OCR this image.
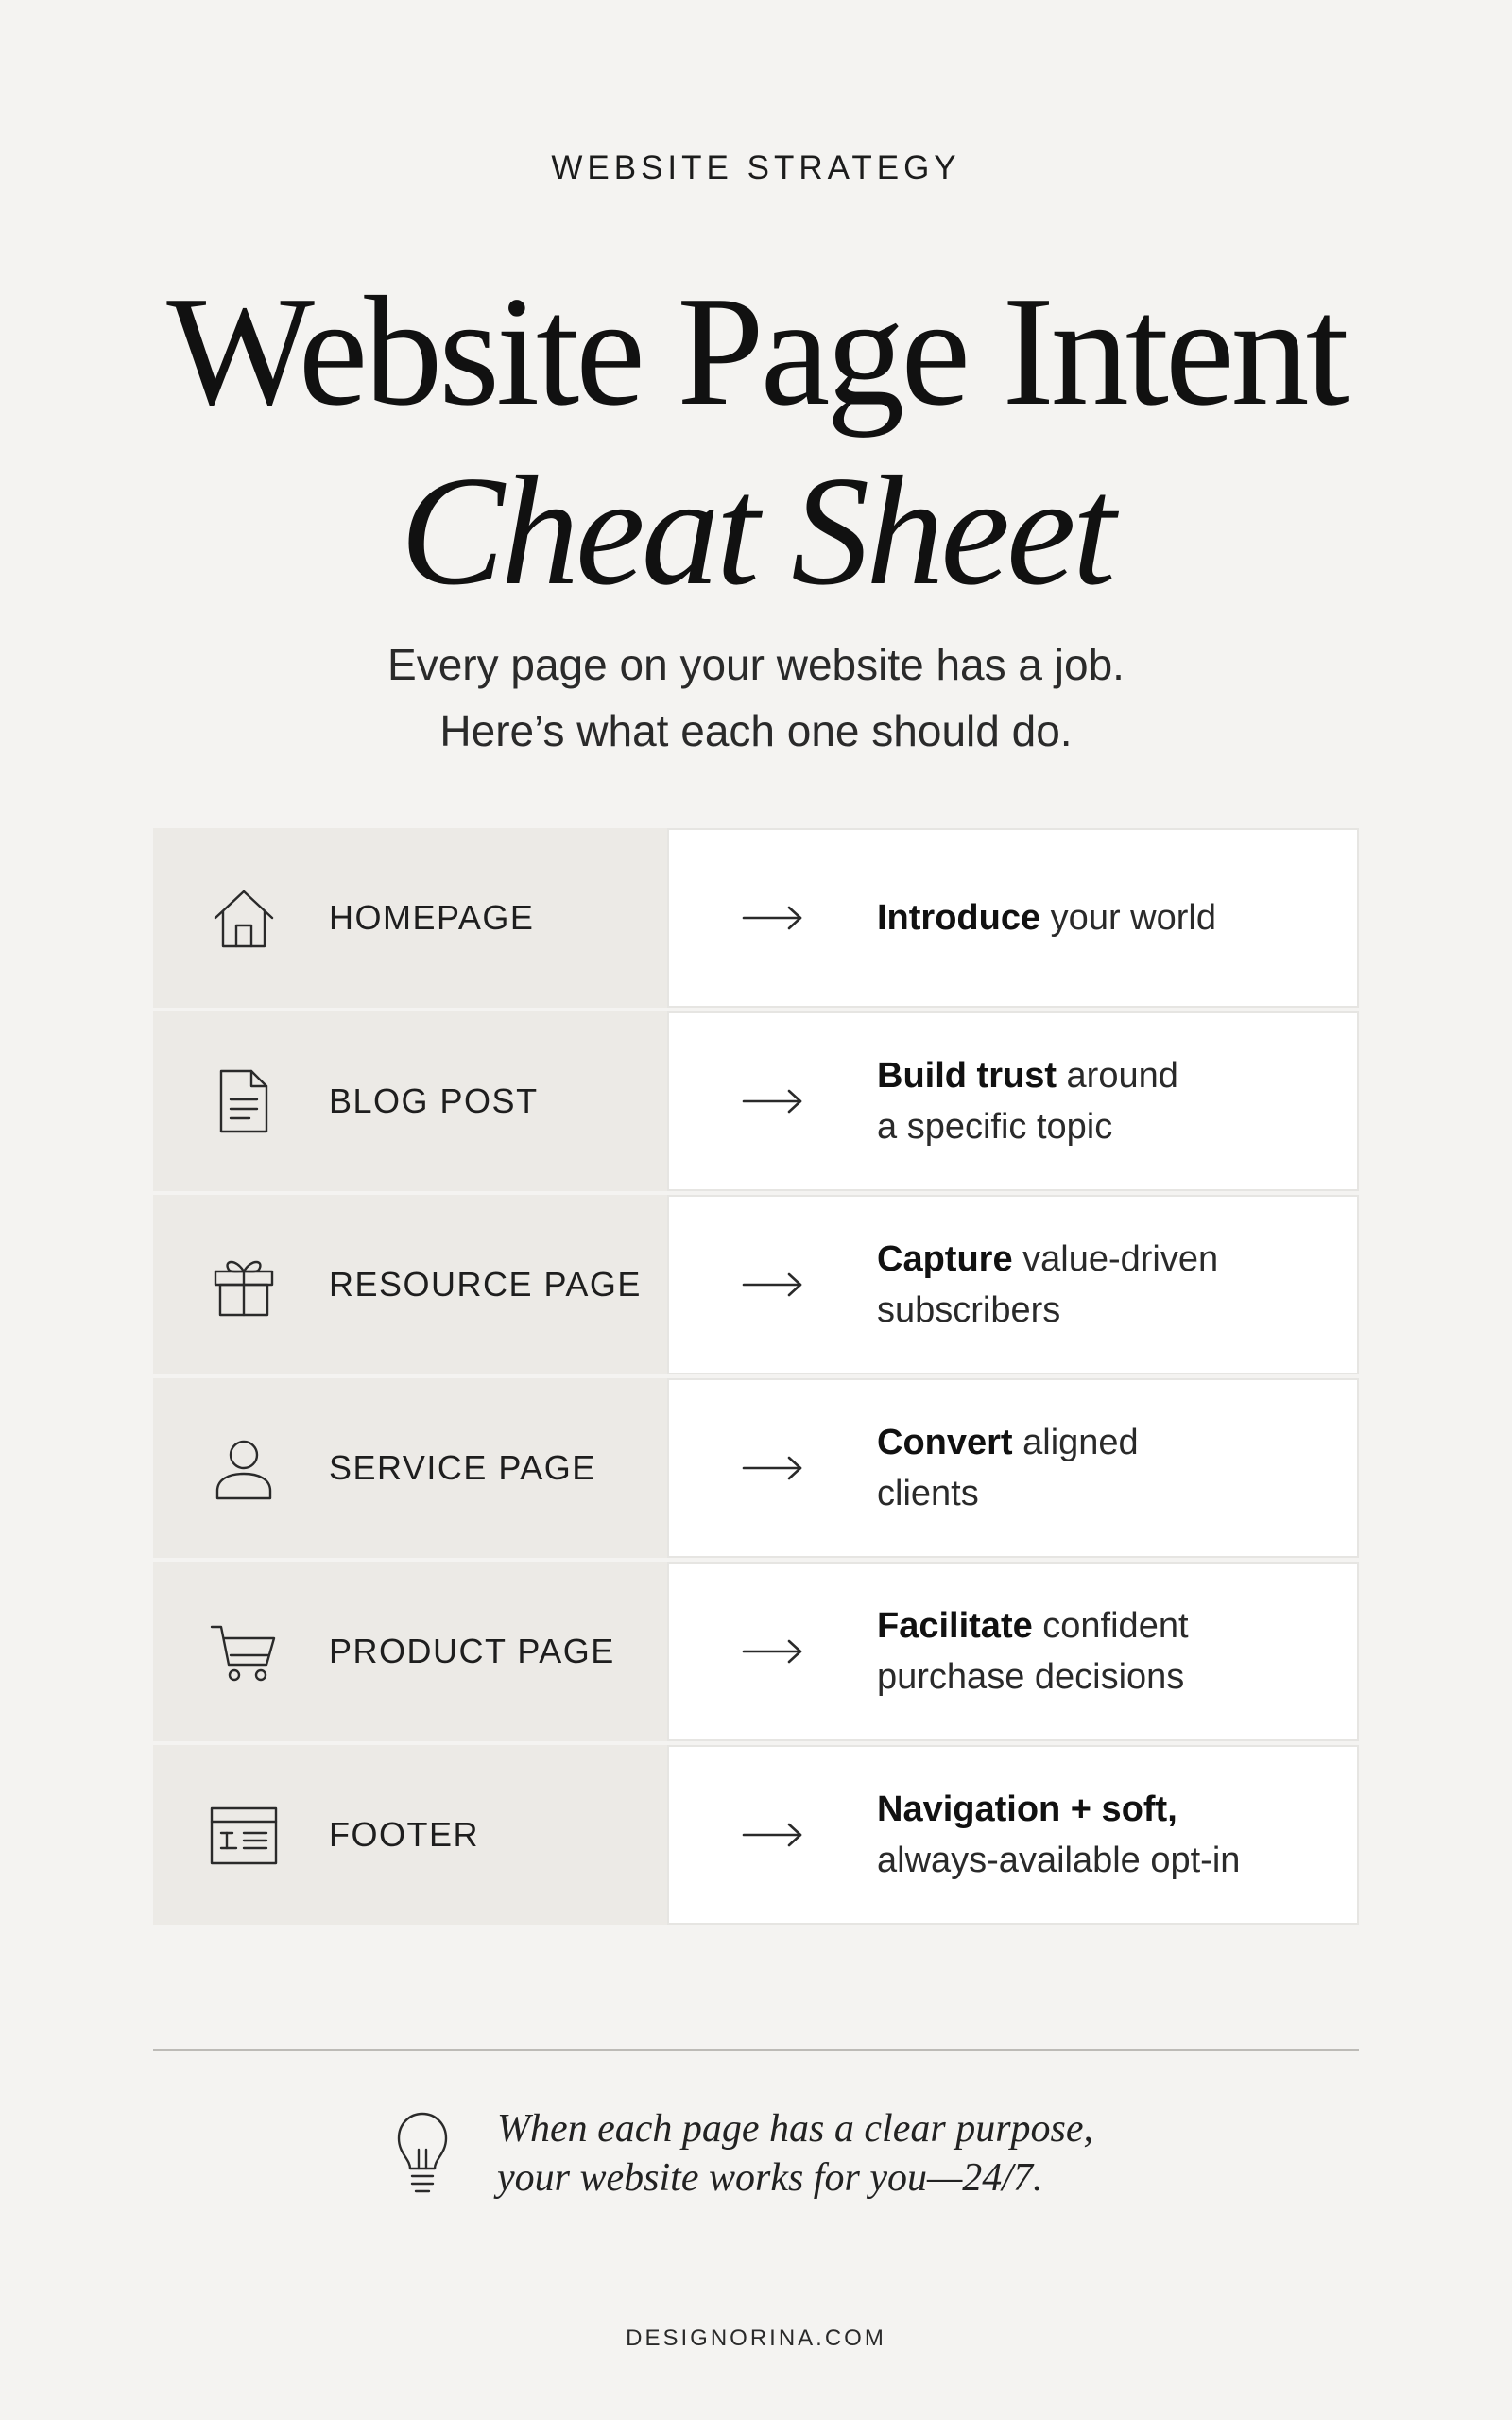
WEBSITE STRATEGY
Website Page Intent
Cheat Sheet
Every page on your website has a job.
Here’s what each one should do.
HOMEPAGE	Introduce your world
BLOG POST
Build trust around
a specific topic
RESOURCE PAGE
Capture value-driven
subscribers
SERVICE PAGE
Convert aligned
clients
PRODUCT PAGE
Facilitate confident
purchase decisions
FOOTER
Navigation + soft,
always-available opt-in
When each page has a clear purpose,
your website works for you—24/7.
DESIGNORINA.COM
